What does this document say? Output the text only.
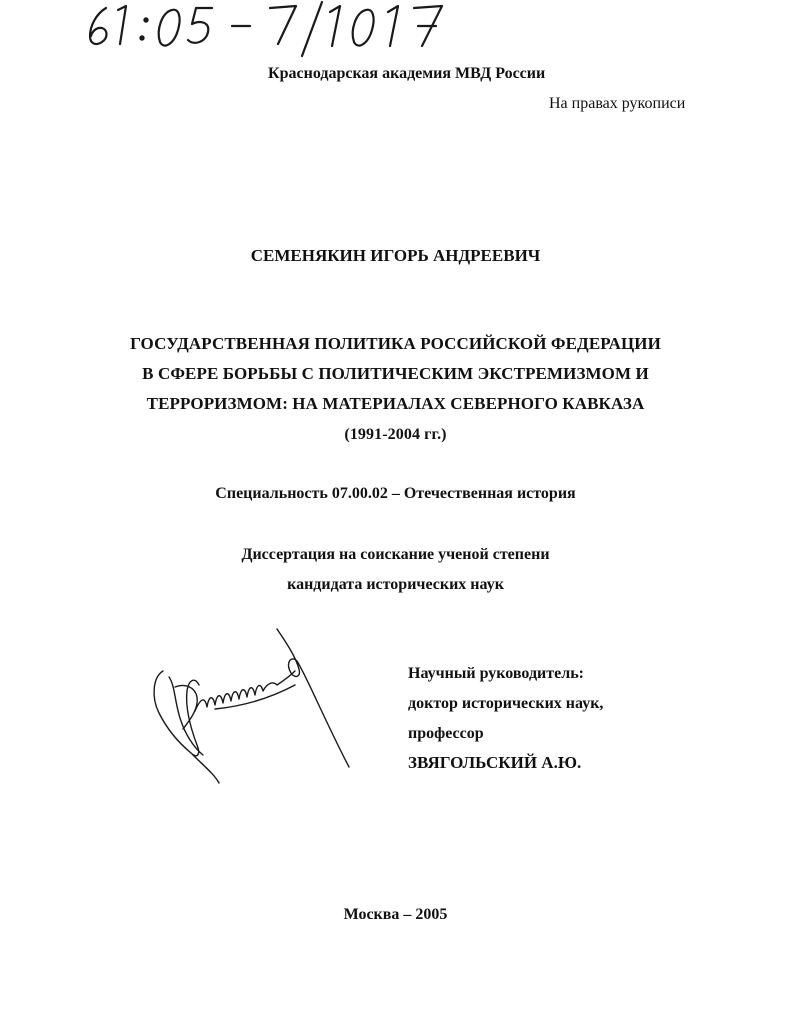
Краснодарская академия МВД России
На правах рукописи
СЕМЕНЯКИН ИГОРЬ АНДРЕЕВИЧ
ГОСУДАРСТВЕННАЯ ПОЛИТИКА РОССИЙСКОЙ ФЕДЕРАЦИИ
В СФЕРЕ БОРЬБЫ С ПОЛИТИЧЕСКИМ ЭКСТРЕМИЗМОМ И
ТЕРРОРИЗМОМ: НА МАТЕРИАЛАХ СЕВЕРНОГО КАВКАЗА
(1991-2004 гг.)
Специальность 07.00.02 – Отечественная история
Диссертация на соискание ученой степени
кандидата исторических наук
Научный руководитель:
доктор исторических наук,
профессор
ЗВЯГОЛЬСКИЙ А.Ю.
Москва – 2005
